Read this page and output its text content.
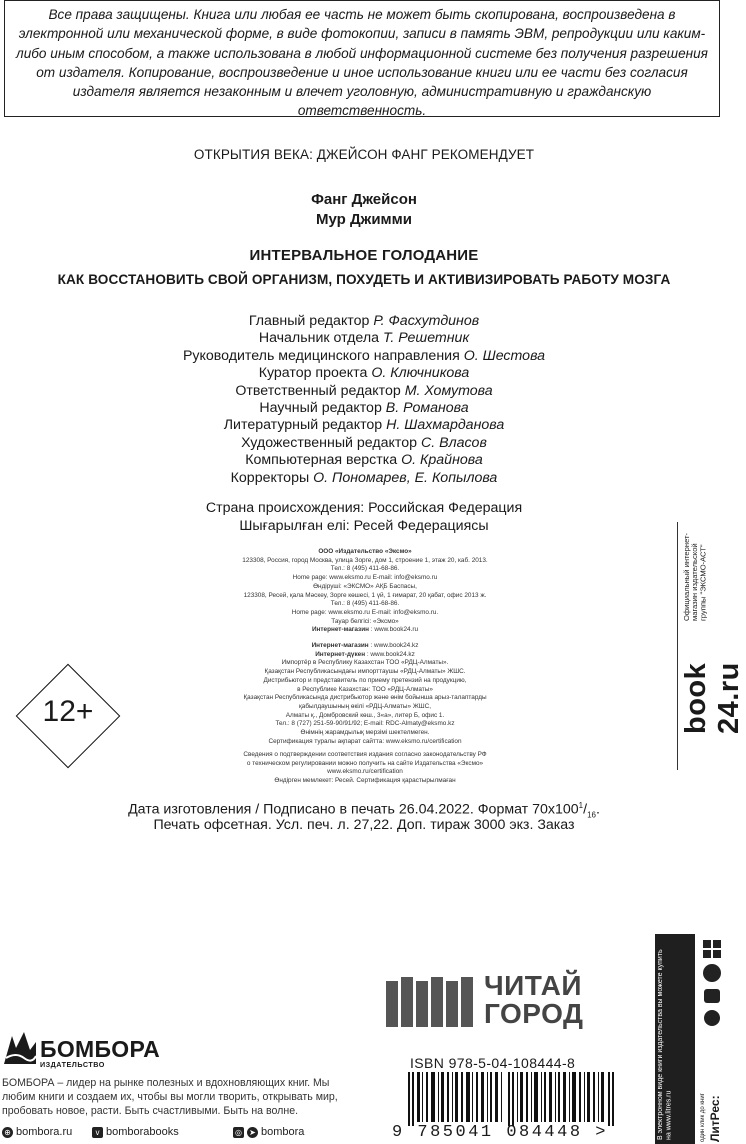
Все права защищены. Книга или любая ее часть не может быть скопирована, воспроизведена в электронной или механической форме, в виде фотокопии, записи в память ЭВМ, репродукции или каким-либо иным способом, а также использована в любой информационной системе без получения разрешения от издателя. Копирование, воспроизведение и иное использование книги или ее части без согласия издателя является незаконным и влечет уголовную, административную и гражданскую ответственность.
ОТКРЫТИЯ ВЕКА: ДЖЕЙСОН ФАНГ РЕКОМЕНДУЕТ
Фанг Джейсон
Мур Джимми
ИНТЕРВАЛЬНОЕ ГОЛОДАНИЕ
КАК ВОССТАНОВИТЬ СВОЙ ОРГАНИЗМ, ПОХУДЕТЬ И АКТИВИЗИРОВАТЬ РАБОТУ МОЗГА
Главный редактор Р. Фасхутдинов
Начальник отдела Т. Решетник
Руководитель медицинского направления О. Шестова
Куратор проекта О. Ключникова
Ответственный редактор М. Хомутова
Научный редактор В. Романова
Литературный редактор Н. Шахмарданова
Художественный редактор С. Власов
Компьютерная верстка О. Крайнова
Корректоры О. Пономарев, Е. Копылова
Страна происхождения: Российская Федерация
Шығарылған елі: Ресей Федерациясы
ООО «Издательство «Эксмо»
123308, Россия, город Москва, улица Зорге, дом 1, строение 1, этаж 20, каб. 2013.
Тел.: 8 (495) 411-68-86.
Home page: www.eksmo.ru E-mail: info@eksmo.ru
Өндіруші: «ЭКСМО» АҚБ Баспасы,
123308, Ресей, қала Мәскеу, Зорге көшесі, 1 үй, 1 ғимарат, 20 қабат, офис 2013 ж.
Тел.: 8 (495) 411-68-86.
Home page: www.eksmo.ru E-mail: info@eksmo.ru.
Тауар белгісі: «Эксмо»
Интернет-магазин : www.book24.ru
Интернет-магазин : www.book24.kz
Интернет-дүкен : www.book24.kz
Импортёр в Республику Казахстан ТОО «РДЦ-Алматы».
Қазақстан Республикасындағы импорттаушы «РДЦ-Алматы» ЖШС.
Дистрибьютор и представитель по приему претензий на продукцию,
в Республике Казахстан: ТОО «РДЦ-Алматы»
Қазақстан Республикасында дистрибьютор және өнім бойынша арыз-талаптарды
қабылдаушының өкілі «РДЦ-Алматы» ЖШС,
Алматы қ., Домбровский көш., 3«а», литер Б, офис 1.
Тел.: 8 (727) 251-59-90/91/92; E-mail: RDC-Almaty@eksmo.kz
Өнімнің жарамдылық мерзімі шектелмеген.
Сертификация туралы ақпарат сайтта: www.eksmo.ru/certification
Сведения о подтверждении соответствия издания согласно законодательству РФ
о техническом регулировании можно получить на сайте Издательства «Эксмо»
www.eksmo.ru/certification
Өндірген мемлекет: Ресей. Сертификация қарастырылмаған
12+
Дата изготовления / Подписано в печать 26.04.2022. Формат $70x100^1/_{16}$.
Печать офсетная. Усл. печ. л. 27,22. Доп. тираж 3000 экз. Заказ
Официальный интернет-магазин издательской группы "ЭКСМО-АСТ"
book 24.ru
ЧИТАЙ
ГОРОД	В электронном виде книги издательства вы можете купить на www.litres.ru	один клик до книг ЛитРес:
ISBN 978-5-04-108444-8
9 785041 084448 >
БОМБОРА
ИЗДАТЕЛЬСТВО
БОМБОРА – лидер на рынке полезных и вдохновляющих книг. Мы любим книги и создаем их, чтобы вы могли творить, открывать мир, пробовать новое, расти. Быть счастливыми. Быть на волне.
⊕ bombora.ru	v bomborabooks	◎ ➤ bombora
